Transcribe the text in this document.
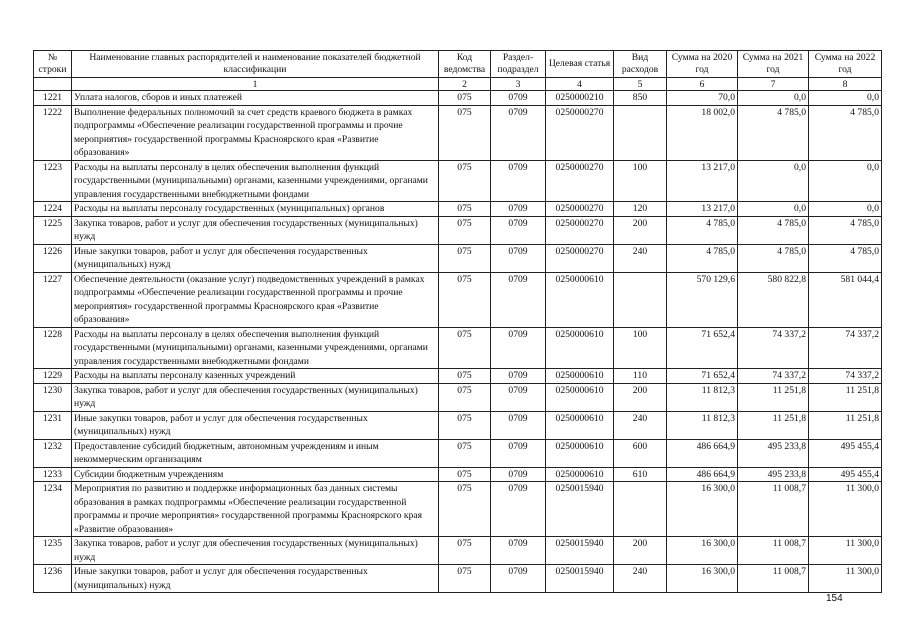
№ строки	Наименование главных распорядителей и наименование показателей бюджетной классификации	Код ведомства	Раздел-подраздел	Целевая статья	Вид расходов	Сумма на 2020 год	Сумма на 2021 год	Сумма на 2022 год
	1	2	3	4	5	6	7	8
1221	Уплата налогов, сборов и иных платежей	075	0709	0250000210	850	70,0	0,0	0,0
1222	Выполнение федеральных полномочий за счет средств краевого бюджета в рамках подпрограммы «Обеспечение реализации государственной программы и прочие мероприятия» государственной программы Красноярского края «Развитие образования»	075	0709	0250000270		18 002,0	4 785,0	4 785,0
1223	Расходы на выплаты персоналу в целях обеспечения выполнения функций государственными (муниципальными) органами, казенными учреждениями, органами управления государственными внебюджетными фондами	075	0709	0250000270	100	13 217,0	0,0	0,0
1224	Расходы на выплаты персоналу государственных (муниципальных) органов	075	0709	0250000270	120	13 217,0	0,0	0,0
1225	Закупка товаров, работ и услуг для обеспечения государственных (муниципальных) нужд	075	0709	0250000270	200	4 785,0	4 785,0	4 785,0
1226	Иные закупки товаров, работ и услуг для обеспечения государственных (муниципальных) нужд	075	0709	0250000270	240	4 785,0	4 785,0	4 785,0
1227	Обеспечение деятельности (оказание услуг) подведомственных учреждений в рамках подпрограммы «Обеспечение реализации государственной программы и прочие мероприятия» государственной программы Красноярского края «Развитие образования»	075	0709	0250000610		570 129,6	580 822,8	581 044,4
1228	Расходы на выплаты персоналу в целях обеспечения выполнения функций государственными (муниципальными) органами, казенными учреждениями, органами управления государственными внебюджетными фондами	075	0709	0250000610	100	71 652,4	74 337,2	74 337,2
1229	Расходы на выплаты персоналу казенных учреждений	075	0709	0250000610	110	71 652,4	74 337,2	74 337,2
1230	Закупка товаров, работ и услуг для обеспечения государственных (муниципальных) нужд	075	0709	0250000610	200	11 812,3	11 251,8	11 251,8
1231	Иные закупки товаров, работ и услуг для обеспечения государственных (муниципальных) нужд	075	0709	0250000610	240	11 812,3	11 251,8	11 251,8
1232	Предоставление субсидий бюджетным, автономным учреждениям и иным некоммерческим организациям	075	0709	0250000610	600	486 664,9	495 233,8	495 455,4
1233	Субсидии бюджетным учреждениям	075	0709	0250000610	610	486 664,9	495 233,8	495 455,4
1234	Мероприятия по развитию и поддержке информационных баз данных системы образования в рамках подпрограммы «Обеспечение реализации государственной программы и прочие мероприятия» государственной программы Красноярского края «Развитие образования»	075	0709	0250015940		16 300,0	11 008,7	11 300,0
1235	Закупка товаров, работ и услуг для обеспечения государственных (муниципальных) нужд	075	0709	0250015940	200	16 300,0	11 008,7	11 300,0
1236	Иные закупки товаров, работ и услуг для обеспечения государственных (муниципальных) нужд	075	0709	0250015940	240	16 300,0	11 008,7	11 300,0
154
